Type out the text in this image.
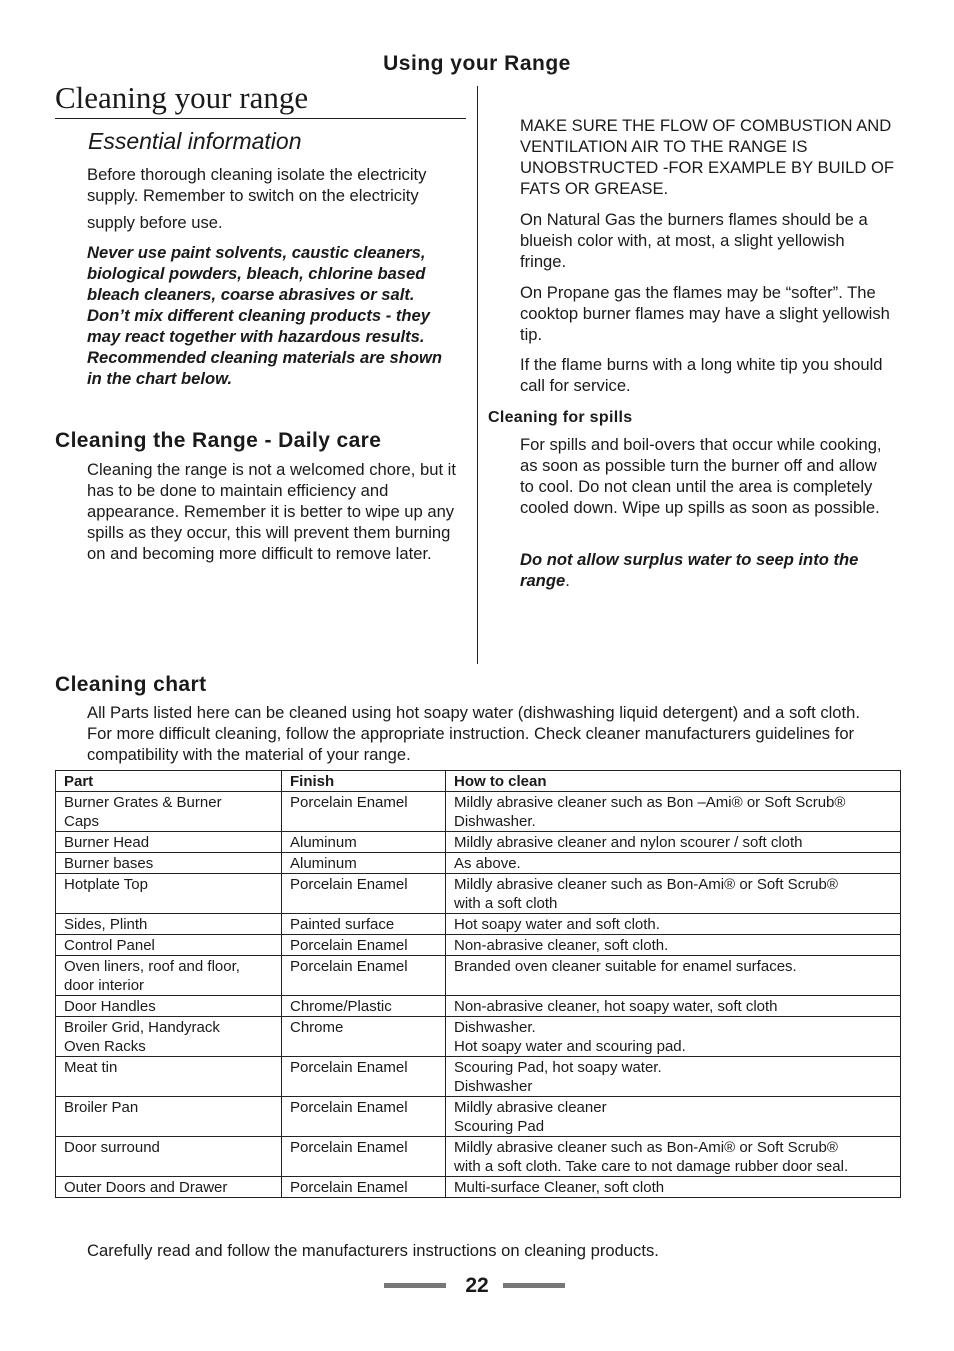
Using your Range
Cleaning your range
Essential information
Before thorough cleaning isolate the electricity supply. Remember to switch on the electricity
supply before use.
Never use paint solvents, caustic cleaners, biological powders, bleach, chlorine based bleach cleaners, coarse abrasives or salt. Don’t mix different cleaning products - they may react together with hazardous results. Recommended cleaning materials are shown in the chart below.
Cleaning the Range - Daily care
Cleaning the range is not a welcomed chore, but it has to be done to maintain efficiency and appearance. Remember it is better to wipe up any spills as they occur, this will prevent them burning on and becoming more difficult to remove later.
MAKE SURE THE FLOW OF COMBUSTION AND VENTILATION AIR TO THE RANGE IS UNOBSTRUCTED -FOR EXAMPLE BY BUILD OF FATS OR GREASE.
On Natural Gas the burners flames should be a blueish color with, at most, a slight yellowish fringe.
On Propane gas the flames may be “softer”. The cooktop burner flames may have a slight yellowish tip.
If the flame burns with a long white tip you should call for service.
Cleaning for spills
For spills and boil-overs that occur while cooking, as soon as possible turn the burner off and allow to cool. Do not clean until the area is completely cooled down. Wipe up spills as soon as possible.
Do not allow surplus water to seep into the range.
Cleaning chart
All Parts listed here can be cleaned using hot soapy water (dishwashing liquid detergent) and a soft cloth. For more difficult cleaning, follow the appropriate instruction. Check cleaner manufacturers guidelines for compatibility with the material of your range.
Part	Finish	How to clean
Burner Grates & Burner
Caps	Porcelain Enamel	Mildly abrasive cleaner such as Bon –Ami® or Soft Scrub®
Dishwasher.
Burner Head	Aluminum	Mildly abrasive cleaner and nylon scourer / soft cloth
Burner bases	Aluminum	As above.
Hotplate Top	Porcelain Enamel	Mildly abrasive cleaner such as Bon-Ami® or Soft Scrub®
with a soft cloth
Sides, Plinth	Painted surface	Hot soapy water and soft cloth.
Control Panel	Porcelain Enamel	Non-abrasive cleaner, soft cloth.
Oven liners, roof and floor,
door interior	Porcelain Enamel	Branded oven cleaner suitable for enamel surfaces.
Door Handles	Chrome/Plastic	Non-abrasive cleaner, hot soapy water, soft cloth
Broiler Grid, Handyrack
Oven Racks	Chrome	Dishwasher.
Hot soapy water and scouring pad.
Meat tin	Porcelain Enamel	Scouring Pad, hot soapy water.
Dishwasher
Broiler Pan	Porcelain Enamel	Mildly abrasive cleaner
Scouring Pad
Door surround	Porcelain Enamel	Mildly abrasive cleaner such as Bon-Ami® or Soft Scrub®
with a soft cloth. Take care to not damage rubber door seal.
Outer Doors and Drawer	Porcelain Enamel	Multi-surface Cleaner, soft cloth
Carefully read and follow the manufacturers instructions on cleaning products.
22
